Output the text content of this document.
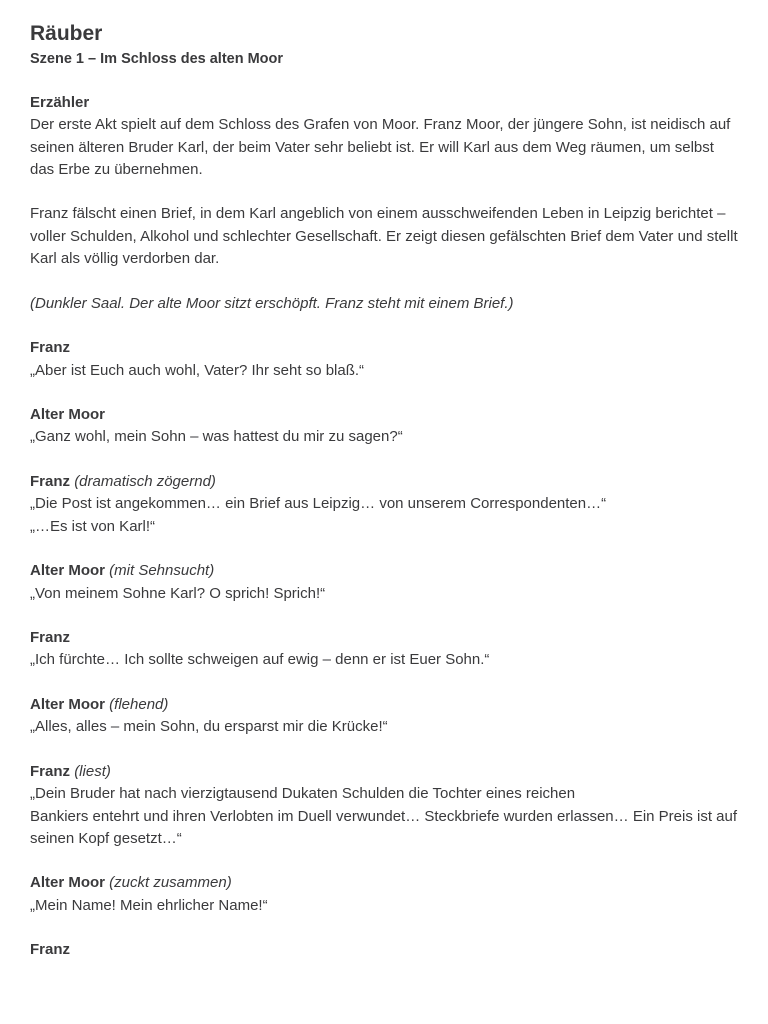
Räuber
Szene 1 – Im Schloss des alten Moor
Erzähler
Der erste Akt spielt auf dem Schloss des Grafen von Moor. Franz Moor, der jüngere Sohn, ist neidisch auf seinen älteren Bruder Karl, der beim Vater sehr beliebt ist. Er will Karl aus dem Weg räumen, um selbst das Erbe zu übernehmen.
Franz fälscht einen Brief, in dem Karl angeblich von einem ausschweifenden Leben in Leipzig berichtet – voller Schulden, Alkohol und schlechter Gesellschaft. Er zeigt diesen gefälschten Brief dem Vater und stellt Karl als völlig verdorben dar.
(Dunkler Saal. Der alte Moor sitzt erschöpft. Franz steht mit einem Brief.)
Franz
„Aber ist Euch auch wohl, Vater? Ihr seht so blaß.“
Alter Moor
„Ganz wohl, mein Sohn – was hattest du mir zu sagen?“
Franz (dramatisch zögernd)
„Die Post ist angekommen… ein Brief aus Leipzig… von unserem Correspondenten…“
„…Es ist von Karl!“
Alter Moor (mit Sehnsucht)
„Von meinem Sohne Karl? O sprich! Sprich!“
Franz
„Ich fürchte… Ich sollte schweigen auf ewig – denn er ist Euer Sohn.“
Alter Moor (flehend)
„Alles, alles – mein Sohn, du ersparst mir die Krücke!“
Franz (liest)
„Dein Bruder hat nach vierzigtausend Dukaten Schulden die Tochter eines reichen
Bankiers entehrt und ihren Verlobten im Duell verwundet… Steckbriefe wurden erlassen… Ein Preis ist auf seinen Kopf gesetzt…“
Alter Moor (zuckt zusammen)
„Mein Name! Mein ehrlicher Name!“
Franz
